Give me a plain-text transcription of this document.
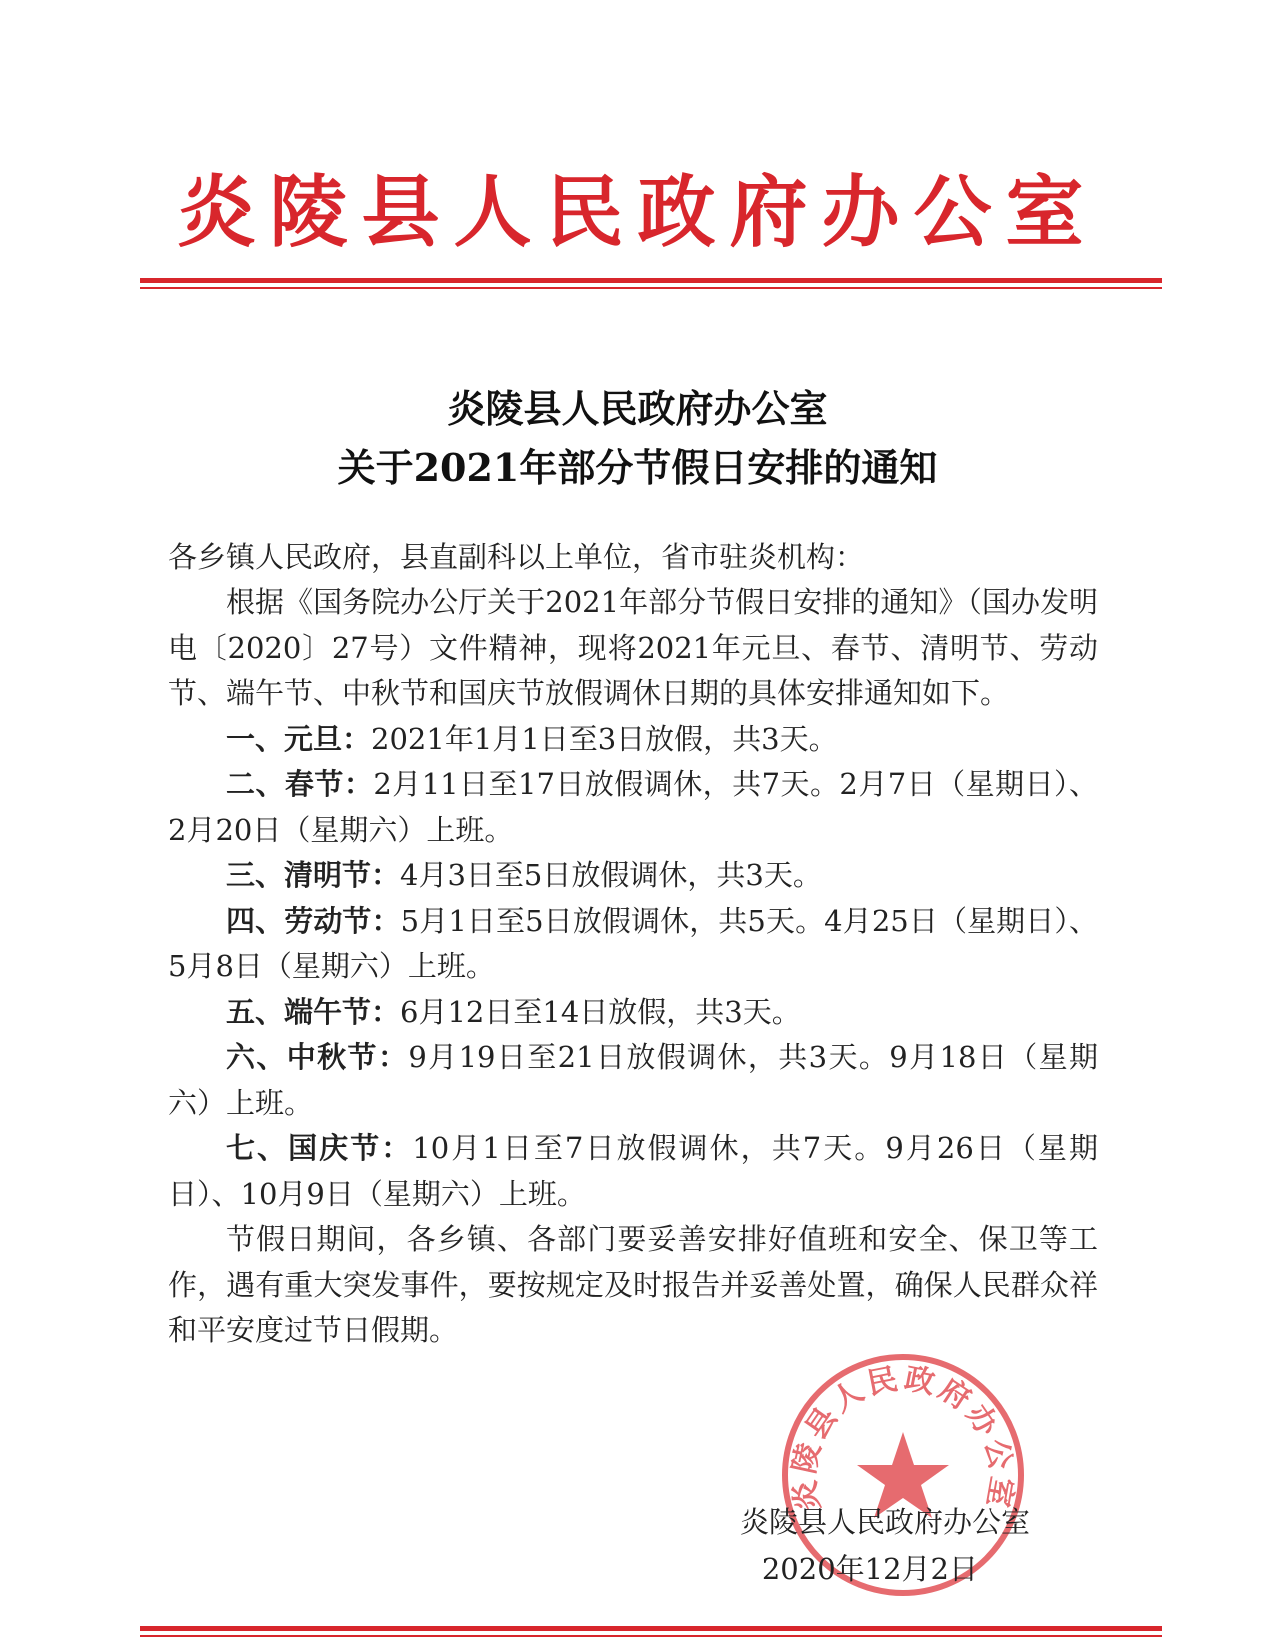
炎陵县人民政府办公室
炎陵县人民政府办公室
关于2021年部分节假日安排的通知
各乡镇人民政府，县直副科以上单位，省市驻炎机构：

根据《国务院办公厅关于2021年部分节假日安排的通知》（国办发明电〔2020〕27号）文件精神，现将2021年元旦、春节、清明节、劳动节、端午节、中秋节和国庆节放假调休日期的具体安排通知如下。

一、元旦：2021年1月1日至3日放假，共3天。

二、春节：2月11日至17日放假调休，共7天。2月7日（星期日）、2月20日（星期六）上班。

三、清明节：4月3日至5日放假调休，共3天。

四、劳动节：5月1日至5日放假调休，共5天。4月25日（星期日）、5月8日（星期六）上班。

五、端午节：6月12日至14日放假，共3天。

六、中秋节：9月19日至21日放假调休，共3天。9月18日（星期六）上班。

七、国庆节：10月1日至7日放假调休，共7天。9月26日（星期日）、10月9日（星期六）上班。

节假日期间，各乡镇、各部门要妥善安排好值班和安全、保卫等工作，遇有重大突发事件，要按规定及时报告并妥善处置，确保人民群众祥和平安度过节日假期。

炎陵县人民政府办公室
炎陵县人民政府办公室
2020年12月2日
